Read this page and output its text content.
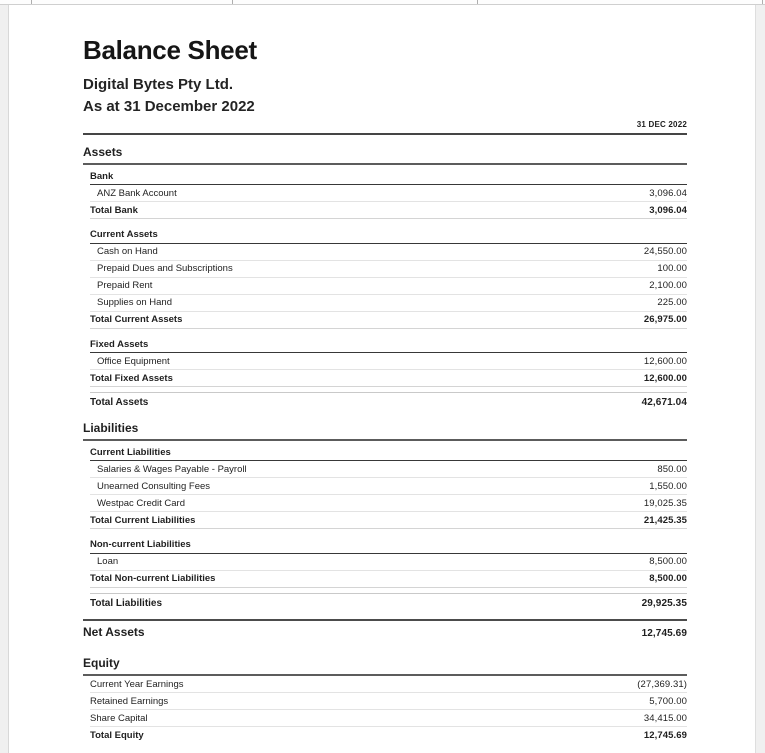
Balance Sheet
Digital Bytes Pty Ltd.
As at 31 December 2022
31 DEC 2022
Assets
Bank
ANZ Bank Account	3,096.04
Total Bank	3,096.04
Current Assets
Cash on Hand	24,550.00
Prepaid Dues and Subscriptions	100.00
Prepaid Rent	2,100.00
Supplies on Hand	225.00
Total Current Assets	26,975.00
Fixed Assets
Office Equipment	12,600.00
Total Fixed Assets	12,600.00
Total Assets	42,671.04
Liabilities
Current Liabilities
Salaries & Wages Payable - Payroll	850.00
Unearned Consulting Fees	1,550.00
Westpac Credit Card	19,025.35
Total Current Liabilities	21,425.35
Non-current Liabilities
Loan	8,500.00
Total Non-current Liabilities	8,500.00
Total Liabilities	29,925.35
Net Assets	12,745.69
Equity
Current Year Earnings	(27,369.31)
Retained Earnings	5,700.00
Share Capital	34,415.00
Total Equity	12,745.69
